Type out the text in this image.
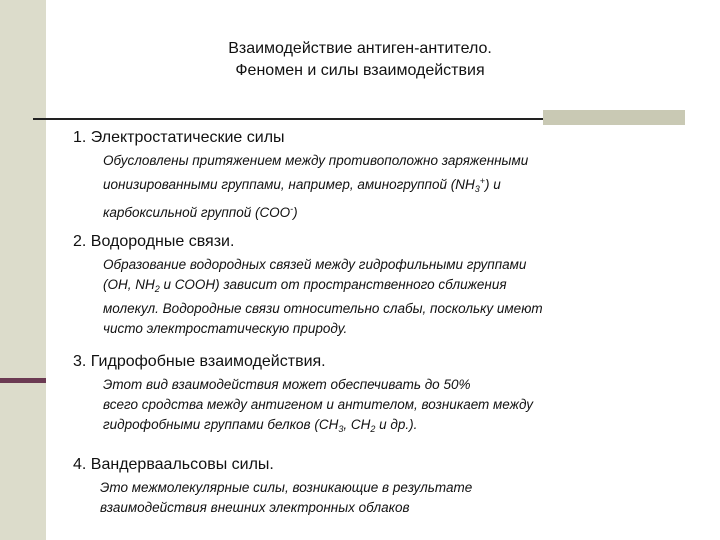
Взаимодействие антиген-антитело.
Феномен и силы взаимодействия
1. Электростатические силы
Обусловлены притяжением между противоположно заряженными
ионизированными группами, например, аминогруппой $(NH_3^+)$ и
карбоксильной группой (СОО-)
2. Водородные связи.
Образование водородных связей между гидрофильными группами
(ОН, $NH_2$ и СООН) зависит от пространственного сближения
молекул. Водородные связи относительно слабы, поскольку имеют
чисто электростатическую природу.
3. Гидрофобные взаимодействия.
Этот вид взаимодействия может обеспечивать до 50%
всего сродства между антигеном и антителом, возникает между
гидрофобными группами белков ($СН_3$, $СН_2$ и др.).
4. Вандерваальсовы силы.
Это межмолекулярные силы, возникающие в результате
взаимодействия внешних электронных облаков
